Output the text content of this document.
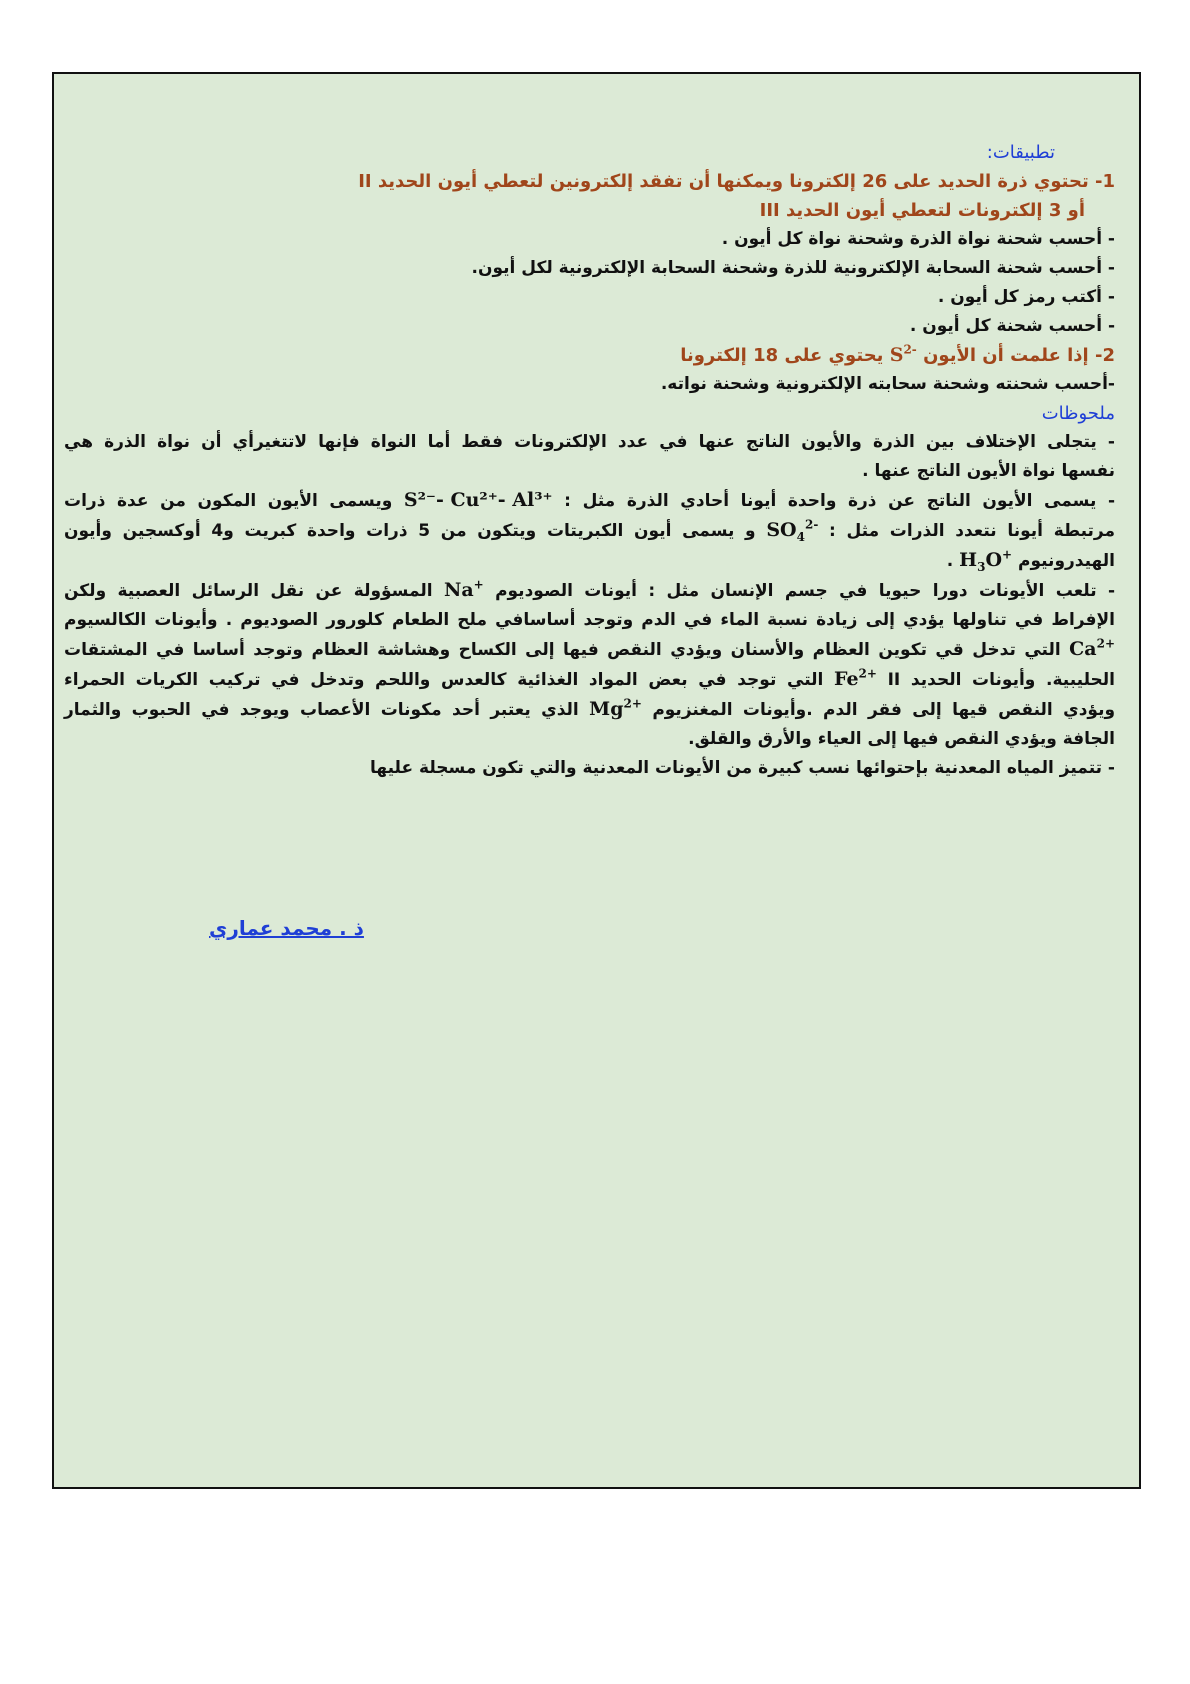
تطبيقات:
1- تحتوي ذرة الحديد على 26 إلكترونا ويمكنها أن تفقد إلكترونين لتعطي أيون الحديد II
أو 3 إلكترونات لتعطي أيون الحديد III
- أحسب شحنة نواة الذرة وشحنة نواة كل أيون .
- أحسب شحنة السحابة الإلكترونية للذرة وشحنة السحابة الإلكترونية لكل أيون.
- أكتب رمز كل أيون .
- أحسب شحنة كل أيون .
2- إذا علمت أن الأيون $S^{2-}$ يحتوي على 18 إلكترونا
-أحسب شحنته وشحنة سحابته الإلكترونية وشحنة نواته.
ملحوظات
- يتجلى الإختلاف بين الذرة والأيون الناتج عنها في عدد الإلكترونات فقط أما النواة فإنها لاتتغيرأي أن نواة الذرة هي
نفسها نواة الأيون الناتج عنها .
- يسمى الأيون الناتج عن ذرة واحدة أيونا أحادي الذرة مثل : S²⁻- Cu²⁺- Al³⁺ ويسمى الأيون المكون من عدة ذرات
مرتبطة أيونا نتعدد الذرات مثل : $SO_4^{2-}$ و يسمى أيون الكبريتات ويتكون من 5 ذرات واحدة كبريت و4 أوكسجين وأيون
الهيدرونيوم $H_3O^+$ .
- تلعب الأيونات دورا حيويا في جسم الإنسان مثل : أيونات الصوديوم Na+ المسؤولة عن نقل الرسائل العصبية ولكن
الإفراط في تناولها يؤدي إلى زيادة نسبة الماء في الدم وتوجد أساسافي ملح الطعام كلورور الصوديوم . وأيونات الكالسيوم
$Ca^{2+}$ التي تدخل قي تكوين العظام والأسنان ويؤدي النقص فيها إلى الكساح وهشاشة العظام وتوجد أساسا في المشتقات
الحليبية. وأيونات الحديد II $Fe^{2+}$ التي توجد في بعض المواد الغذائية كالعدس واللحم وتدخل في تركيب الكريات الحمراء
ويؤدي النقص قيها إلى فقر الدم .وأيونات المغنزيوم $Mg^{2+}$ الذي يعتبر أحد مكونات الأعصاب ويوجد في الحبوب والثمار
الجافة ويؤدي النقص فيها إلى العياء والأرق والقلق.
- تتميز المياه المعدنية بإحتوائها نسب كبيرة من الأيونات المعدنية والتي تكون مسجلة عليها
ذ . محمد عماري
